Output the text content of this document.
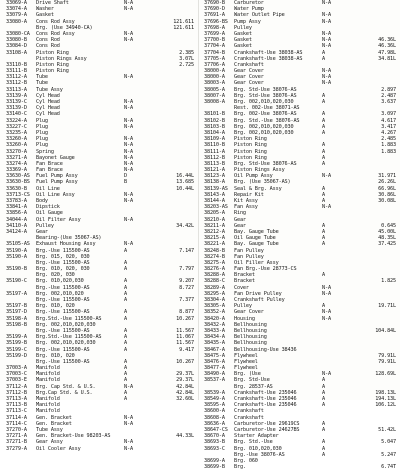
33069-A Drive Shaft	N-A
33074-A Washer	N-A
33079-A Gasket
33080-A Cons Rod Assy	121.611
Brg. (Use 34940-CA)	121.611
33080-CA Cons Rod Assy	N-A
33080-B Cons Rod	N-A
33084-D Cons Rod
33108-A Piston Ring	2.385
Piston Rings Assy	3.07L
33110-B Piston Ring	2.725
33111-B Piston Ring
33112-A Tube	N-A
33112-B Tube
33113-A Tube Assy
33139-A Cyl Head
33139-C Cyl Head	N-A
33139-D Cyl Head	N-A
33140-C Cyl Head
33224-A Plug	N-A
33227-C Plug	N-A
33235-A Plug
33260-A Plug	N-A
33260-A Plug	N-A
33270-A Spring	N-A
33271-A Bayonet Gauge	N-A
33274-A Fan Brace	N-A
33369-A Fan Brace	N-A
33630-AS Fuel Pump Assy	D	16.44L
33630-BS Fuel Pump Assy	B	13.685
33630-B Oil Line	10.44L
33713-CS Oil Line Assy	N-A
33783-A Body	N-A
33841-A Dipstick
33856-A Oil Gauge
34044-A Oil Filter Assy	N-A
34110-A Pulley	34.42L
34124-A Gear
Bearing-(Use 35067-AS)
35105-AS Exhaust Housing Assy	N-A
35190-A Brg.-Use 115500-AS	A	7.147
35190-A Brg. 015, 020, 030
Brg.-Use 115500-AS	A
35190-B Brg. 010, 020, 030	A	7.797
Brg. 020, 030
35190-C Brg. 010,020,030	A	9.207
Brg.-Use 115500-AS	A	8.727
35197-A Brg. 002,010,020	A
Brg.-Use 115500-AS	A	7.377
35197-B Brg. 010, 020
35197-D Brg.-Use 115500-AS	A	8.877
35198-A Brg.Std.-Use 115500-AS	A	10.267
35198-B Brg. 002,010,020,030
Brg.-Use 115500-AS	A	11.567
35199-A Brg.Std.-Use 115500-AS	A	11.067
35199-B Brg. 002,010,020,030	A	11.567
35199-C Brg.-Use 115500-AS	A	9.417
35199-D Brg. 010, 020
Brg.-Use 115500-AS	A	10.267
37003-A Manifold	A
37003-C Manifold	A	29.37L
37003-E Manifold	A	29.37L
37112-A Brg. Cap Std. & U.S.	N-A	42.84L
37112-B Brg.Cap Std. & U.S.	A	42.84L
37113-A Manifold	A	32.60L
37113-B Manifold
37113-C Manifold
37114-A Gen. Bracket	N-A
37114-C Gen. Bracket	N-A
37270-A Tube Assy
37271-A Gen. Bracket-Use 98203-AS	44.33L
37271-B Gear Assy	N-A
37279-A Oil Cooler Assy	N-A
37690-B Carburetor	N-A
37690-D Water Pump
37691-A Water Outlet Pipe	N-A
37696-BS Pump Assy	N-A
37698-A Pulley
37699-A Gasket	N-A
37700-B Gasket	N-A	46.36L
37704-A Gasket	N-A	46.36L
37704-B Crankshaft-Use 38038-AS	A	47.98L
37705-A Crankshaft-Use 38038-AS	A	34.81L
37706-A Crankshaft
38000-A Gear Cover	N-A
38000-A Gear Cover	N-A
38003-A Gear Cover	N-A
38005-A Brg. Std-Use 38076-AS	2.897
38007-A Brg. Std-Use 38076-AS	A	2.487
38008-A Brg. 002,010,020,030	A	3.637
Rest. 002-Use 38071-AS
38101-B Brg. 002-Use 38076-AS	A	3.097
38102-B Brg. Std.-Use 38076-AS	A	4.617
38103-B Brg. 002,010,020,030	A	3.417
38104-A Brg. 002,010,020,030	A	4.267
38109-A Piston Ring	2.485
38110-B Piston Ring	A	1.883
38111-A Piston Ring	A	1.883
38112-B Piston Ring	A
38113-B Brg. Std-Use 38076-AS	A
38121-A Piston Rings Assy
38123-A Oil Pump Assy	N-A	31.971
38138-A Brg. (Use 35067-AS)	26.26L
38139-AS Seal & Brg. Assy	A	66.96L
38143-A Repair Kit	A	30.86L
38144-A Kit Assy	A	30.08L
38203-AS Fan Assy	N-A
38205-A Ring
38210-A Gear
38211-A Gear	A	0.645
38212-A Bay. Gauge Tube	A	45.00L
38215-A Oil Gauge Tube	A	48.35L
38221-A Bay. Gauge Tube	A	37.425
38248-B Fan Pulley
38274-B Fan Pulley
38275-A Oil Filler Assy
38276-A Fan Brg.-Use 28773-CS
38288-A Bracket	A
38288-C Bracket	1.825
38289-A Cover	N-A
38295-A Fan Drive Pulley	N-A
38304-A Crankshaft Pulley
38305-A Pulley	A	19.71L
38352-A Gear Cover	N-A
38420-A Housing	N-A
38432-A Bellhousing
38433-A Bellhousing	104.84L
38434-A Bellhousing
38435-A Bellhousing
38467-A Bellhousing-Use 38436
38475-A Flywheel	79.91L
38476-A Flywheel	79.91L
38477-A Flywheel
38490-A Brg. (Use	N-A	128.69L
38537-A Brg. Std-Use	A
Brg. 28537-AS	A
38539-A Crankshaft-Use 235046	A	198.13L
38549-A Crankshaft-Use 235046	A	194.13L
38595-A Crankshaft-Use 235046	A	106.12L
38600-A Crankshaft
38608-A Crankshaft
38636-A Carburetor-Use 29619CS	A
38647-CS Carburetor-Use 24627BS	A	51.42L
38670-A Starter Adapter
38693-B Brg. Std.-Use	A	5.047
38693-C Brg. 010,020,030	A
Brg.-Use 38076-AS	A	5.247
38699-A Brg. 060
38699-B Brg.	6.74T
